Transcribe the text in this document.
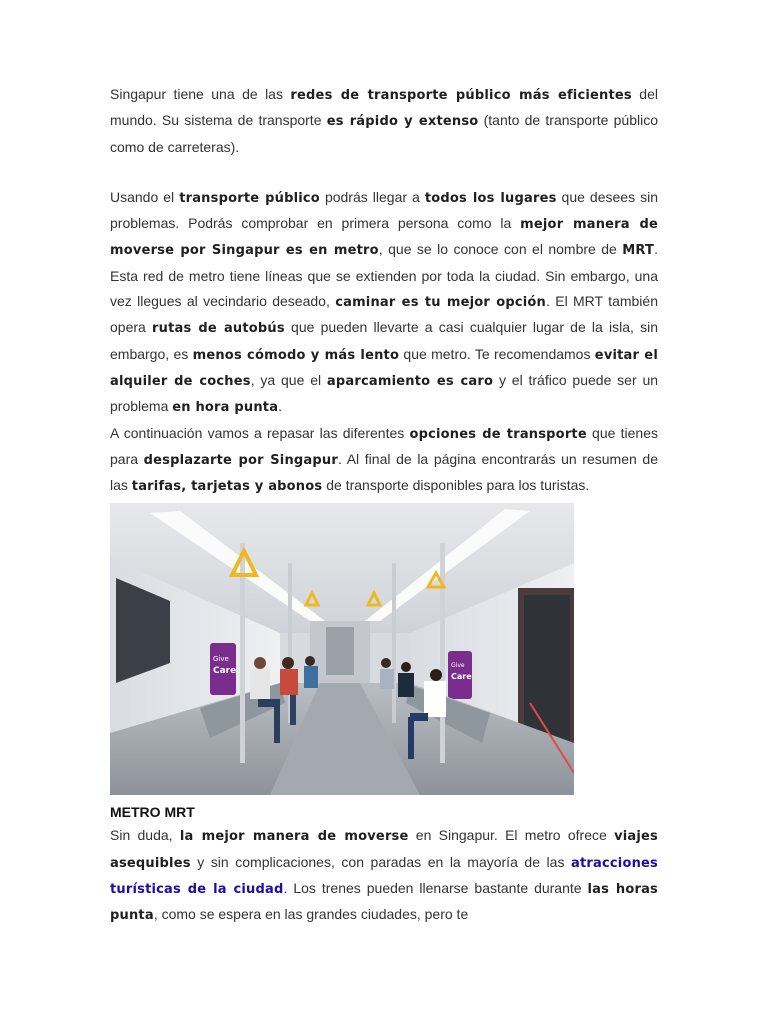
Singapur tiene una de las redes de transporte público más eficientes del mundo. Su sistema de transporte es rápido y extenso (tanto de transporte público como de carreteras).

Usando el transporte público podrás llegar a todos los lugares que desees sin problemas. Podrás comprobar en primera persona como la mejor manera de moverse por Singapur es en metro, que se lo conoce con el nombre de MRT. Esta red de metro tiene líneas que se extienden por toda la ciudad. Sin embargo, una vez llegues al vecindario deseado, caminar es tu mejor opción. El MRT también opera rutas de autobús que pueden llevarte a casi cualquier lugar de la isla, sin embargo, es menos cómodo y más lento que metro. Te recomendamos evitar el alquiler de coches, ya que el aparcamiento es caro y el tráfico puede ser un problema en hora punta.

A continuación vamos a repasar las diferentes opciones de transporte que tienes para desplazarte por Singapur. Al final de la página encontrarás un resumen de las tarifas, tarjetas y abonos de transporte disponibles para los turistas.

Give
Care
Give
Care
METRO MRT

Sin duda, la mejor manera de moverse en Singapur. El metro ofrece viajes asequibles y sin complicaciones, con paradas en la mayoría de las atracciones turísticas de la ciudad. Los trenes pueden llenarse bastante durante las horas punta, como se espera en las grandes ciudades, pero te
